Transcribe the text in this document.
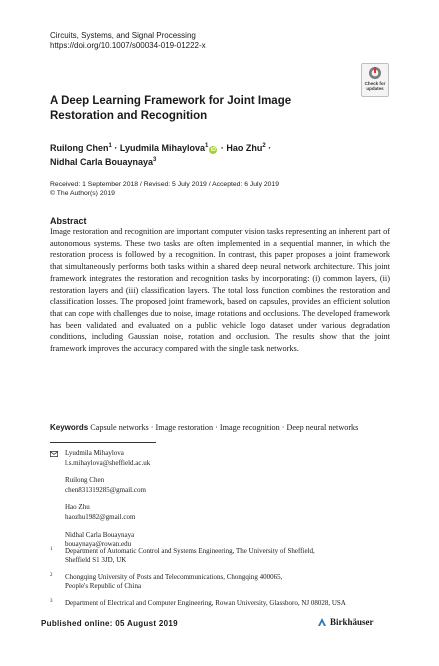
Circuits, Systems, and Signal Processing
https://doi.org/10.1007/s00034-019-01222-x
Check for
updates
A Deep Learning Framework for Joint Image Restoration and Recognition
Ruilong Chen$^1$ · Lyudmila Mihaylova$^1$iD · Hao Zhu$^2$ ·
Nidhal Carla Bouaynaya$^3$
Received: 1 September 2018 / Revised: 5 July 2019 / Accepted: 6 July 2019
© The Author(s) 2019
Abstract
Image restoration and recognition are important computer vision tasks representing an inherent part of autonomous systems. These two tasks are often implemented in a sequential manner, in which the restoration process is followed by a recognition. In contrast, this paper proposes a joint framework that simultaneously performs both tasks within a shared deep neural network architecture. This joint framework integrates the restoration and recognition tasks by incorporating: (i) common layers, (ii) restoration layers and (iii) classification layers. The total loss function combines the restoration and classification losses. The proposed joint framework, based on capsules, provides an efficient solution that can cope with challenges due to noise, image rotations and occlusions. The developed framework has been validated and evaluated on a public vehicle logo dataset under various degradation conditions, including Gaussian noise, rotation and occlusion. The results show that the joint framework improves the accuracy compared with the single task networks.
Keywords Capsule networks · Image restoration · Image recognition · Deep neural networks
Lyudmila Mihaylova
l.s.mihaylova@sheffield.ac.uk
Ruilong Chen
chen831319285@gmail.com
Hao Zhu
haozhu1982@gmail.com
Nidhal Carla Bouaynaya
bouaynaya@rowan.edu
1 Department of Automatic Control and Systems Engineering, The University of Sheffield,
Sheffield S1 3JD, UK
2 Chongqing University of Posts and Telecommunications, Chongqing 400065,
People's Republic of China
3 Department of Electrical and Computer Engineering, Rowan University, Glassboro, NJ 08028, USA
Published online: 05 August 2019	Birkhäuser
